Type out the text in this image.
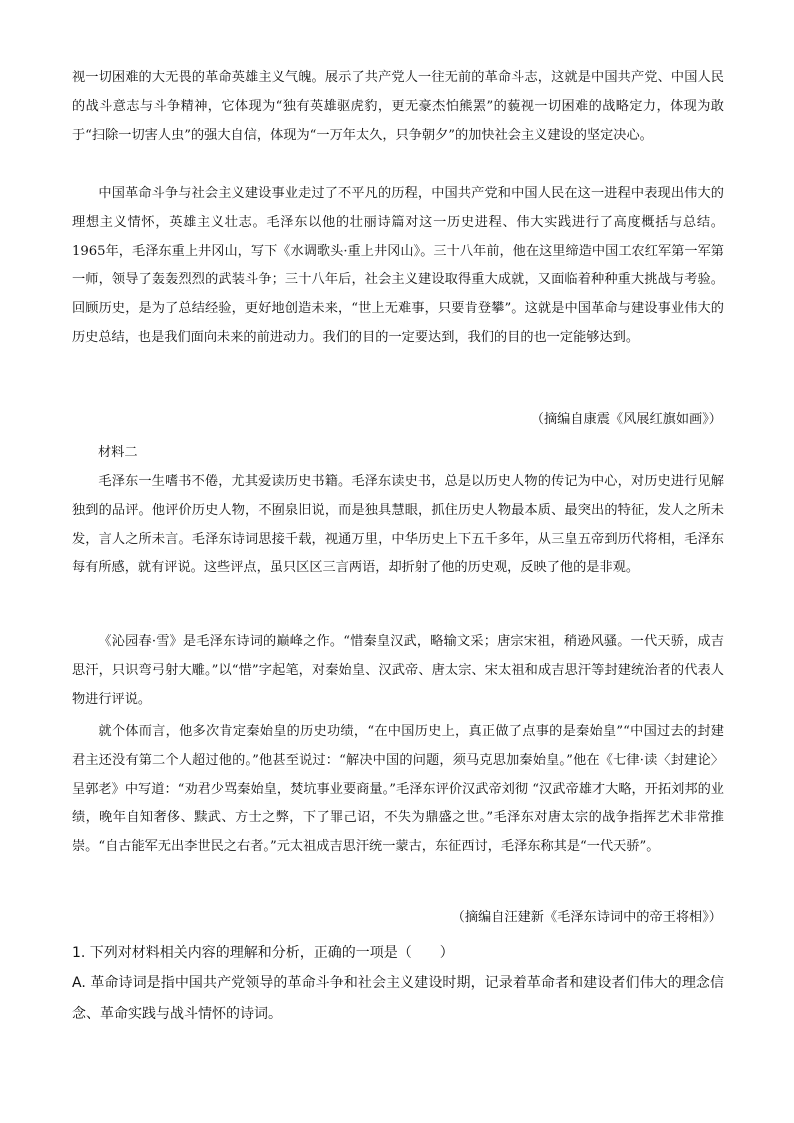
视一切困难的大无畏的革命英雄主义气魄。展示了共产党人一往无前的革命斗志，这就是中国共产党、中国人民的战斗意志与斗争精神，它体现为“独有英雄驱虎豹，更无豪杰怕熊罴”的藐视一切困难的战略定力，体现为敢于“扫除一切害人虫”的强大自信，体现为“一万年太久，只争朝夕”的加快社会主义建设的坚定决心。

中国革命斗争与社会主义建设事业走过了不平凡的历程，中国共产党和中国人民在这一进程中表现出伟大的理想主义情怀，英雄主义壮志。毛泽东以他的壮丽诗篇对这一历史进程、伟大实践进行了高度概括与总结。1965年，毛泽东重上井冈山，写下《水调歌头·重上井冈山》。三十八年前，他在这里缔造中国工农红军第一军第一师，领导了轰轰烈烈的武装斗争；三十八年后，社会主义建设取得重大成就，又面临着种种重大挑战与考验。回顾历史，是为了总结经验，更好地创造未来，“世上无难事，只要肯登攀”。这就是中国革命与建设事业伟大的历史总结，也是我们面向未来的前进动力。我们的目的一定要达到，我们的目的也一定能够达到。

（摘编自康震《风展红旗如画》）

材料二

毛泽东一生嗜书不倦，尤其爱读历史书籍。毛泽东读史书，总是以历史人物的传记为中心，对历史进行见解独到的品评。他评价历史人物，不囿泉旧说，而是独具慧眼，抓住历史人物最本质、最突出的特征，发人之所未发，言人之所未言。毛泽东诗词思接千载，视通万里，中华历史上下五千多年，从三皇五帝到历代将相，毛泽东每有所感，就有评说。这些评点，虽只区区三言两语，却折射了他的历史观，反映了他的是非观。

《沁园春·雪》是毛泽东诗词的巅峰之作。“惜秦皇汉武，略输文采；唐宗宋祖，稍逊风骚。一代天骄，成吉思汗，只识弯弓射大雕。”以“惜”字起笔，对秦始皇、汉武帝、唐太宗、宋太祖和成吉思汗等封建统治者的代表人物进行评说。

就个体而言，他多次肯定秦始皇的历史功绩，“在中国历史上，真正做了点事的是秦始皇”“中国过去的封建君主还没有第二个人超过他的。”他甚至说过：“解决中国的问题，须马克思加秦始皇。”他在《七律·读〈封建论〉呈郭老》中写道：“劝君少骂秦始皇，焚坑事业要商量。”毛泽东评价汉武帝刘彻 “汉武帝雄才大略，开拓刘邦的业绩，晚年自知奢侈、黩武、方士之弊，下了罪己诏，不失为鼎盛之世。”毛泽东对唐太宗的战争指挥艺术非常推崇。“自古能军无出李世民之右者。”元太祖成吉思汗统一蒙古，东征西讨，毛泽东称其是“一代天骄”。

（摘编自汪建新《毛泽东诗词中的帝王将相》）

1. 下列对材料相关内容的理解和分析，正确的一项是（　　）

A. 革命诗词是指中国共产党领导的革命斗争和社会主义建设时期，记录着革命者和建设者们伟大的理念信念、革命实践与战斗情怀的诗词。
